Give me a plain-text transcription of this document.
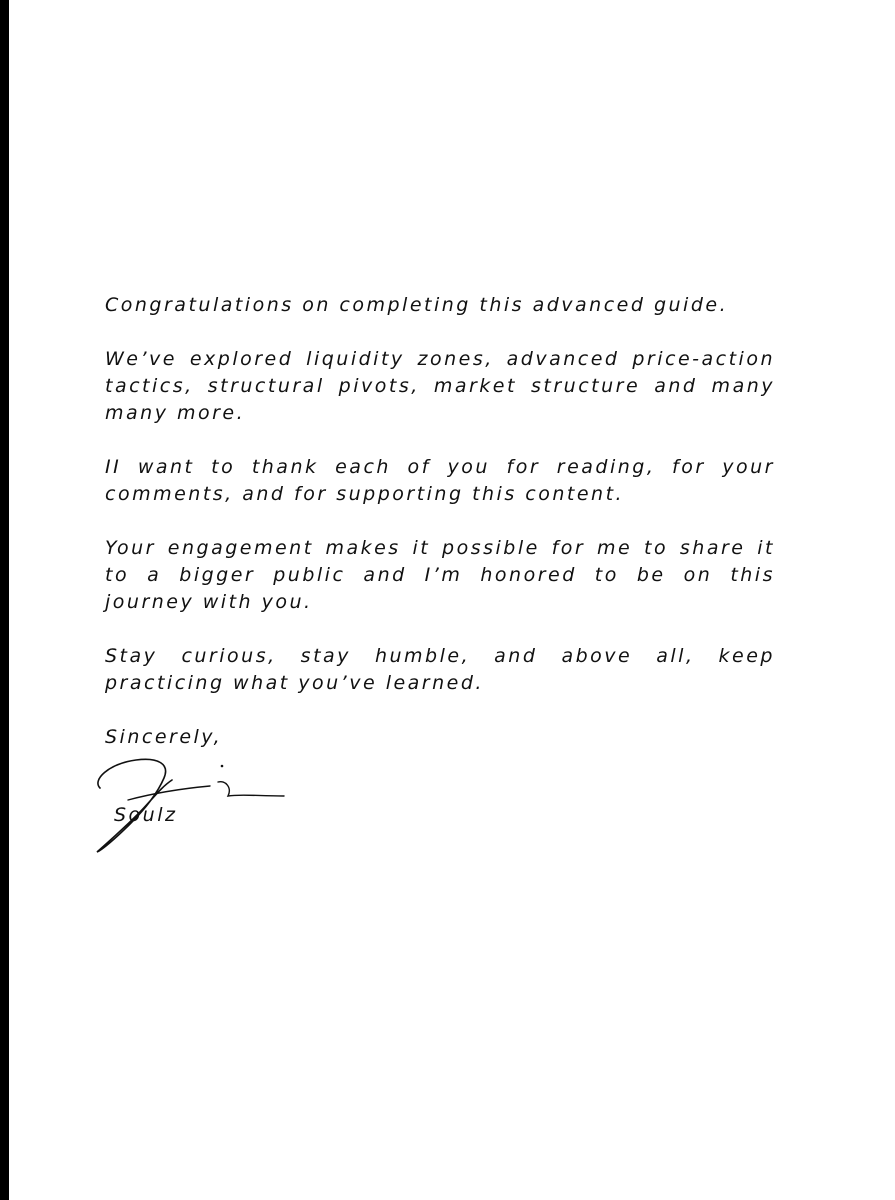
Congratulations on completing this advanced guide.

We’ve explored liquidity zones, advanced price-action tactics, structural pivots, market structure and many many more.

II want to thank each of you for reading, for your comments, and for supporting this content.

Your engagement makes it possible for me to share it to a bigger public and I’m honored to be on this journey with you.

Stay curious, stay humble, and above all, keep practicing what you’ve learned.

Sincerely,

Soulz
